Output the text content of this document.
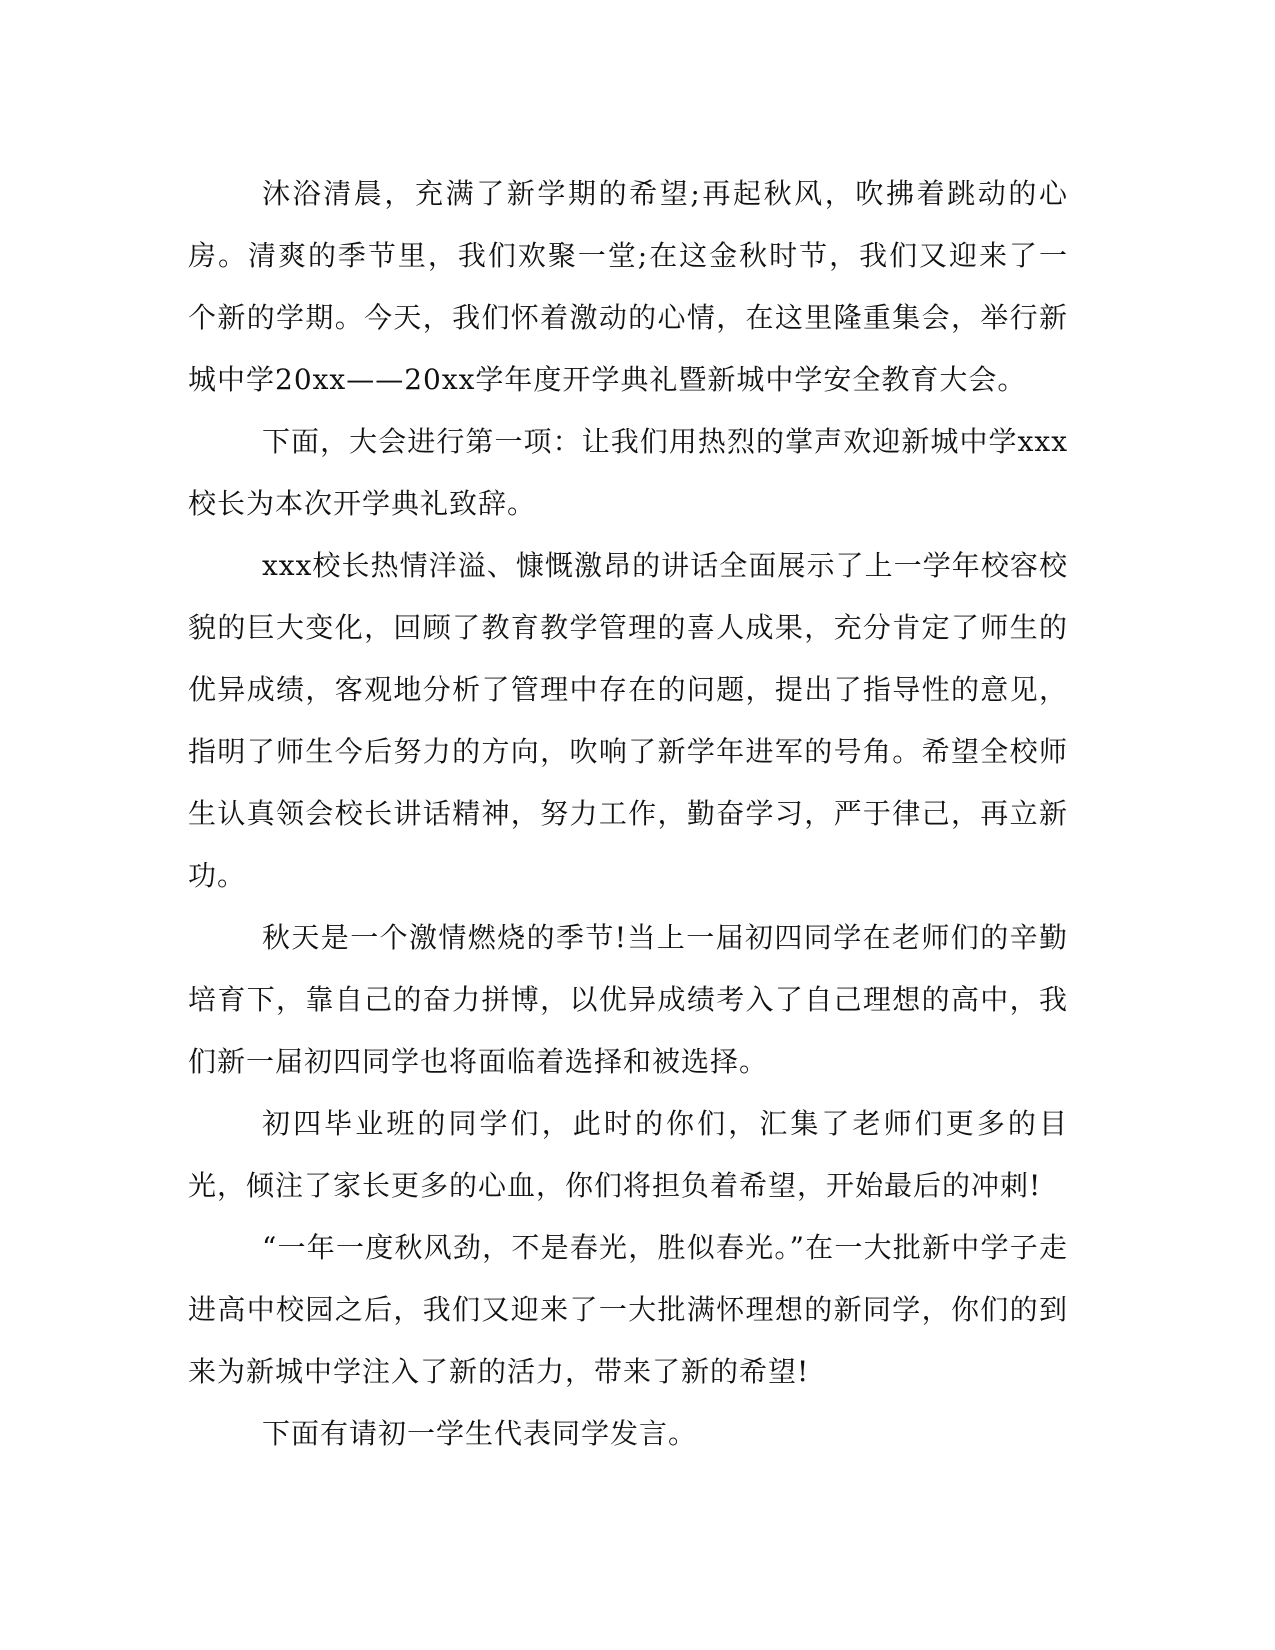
沐浴清晨，充满了新学期的希望;再起秋风，吹拂着跳动的心房。清爽的季节里，我们欢聚一堂;在这金秋时节，我们又迎来了一个新的学期。今天，我们怀着激动的心情，在这里隆重集会，举行新城中学20xx——20xx学年度开学典礼暨新城中学安全教育大会。

下面，大会进行第一项：让我们用热烈的掌声欢迎新城中学xxx校长为本次开学典礼致辞。

xxx校长热情洋溢、慷慨激昂的讲话全面展示了上一学年校容校貌的巨大变化，回顾了教育教学管理的喜人成果，充分肯定了师生的优异成绩，客观地分析了管理中存在的问题，提出了指导性的意见，指明了师生今后努力的方向，吹响了新学年进军的号角。希望全校师生认真领会校长讲话精神，努力工作，勤奋学习，严于律己，再立新功。

秋天是一个激情燃烧的季节!当上一届初四同学在老师们的辛勤培育下，靠自己的奋力拼博，以优异成绩考入了自己理想的高中，我们新一届初四同学也将面临着选择和被选择。

初四毕业班的同学们，此时的你们，汇集了老师们更多的目光，倾注了家长更多的心血，你们将担负着希望，开始最后的冲刺!

“一年一度秋风劲，不是春光，胜似春光。”在一大批新中学子走进高中校园之后，我们又迎来了一大批满怀理想的新同学，你们的到来为新城中学注入了新的活力，带来了新的希望!

下面有请初一学生代表同学发言。
